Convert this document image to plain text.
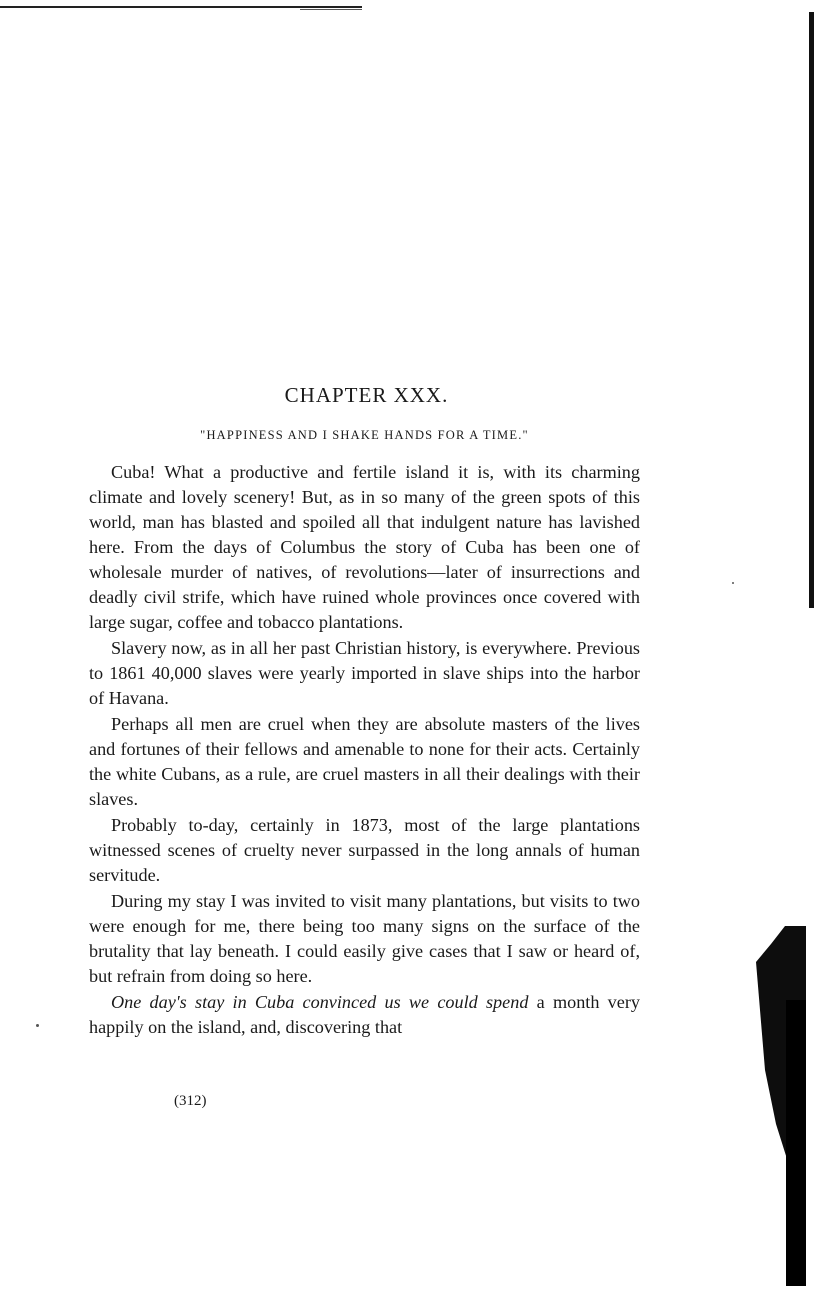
CHAPTER XXX.
"HAPPINESS AND I SHAKE HANDS FOR A TIME."

Cuba! What a productive and fertile island it is, with its charming climate and lovely scenery! But, as in so many of the green spots of this world, man has blasted and spoiled all that indulgent nature has lavished here. From the days of Columbus the story of Cuba has been one of wholesale murder of natives, of revolutions—later of insurrections and deadly civil strife, which have ruined whole provinces once covered with large sugar, coffee and tobacco plantations.

Slavery now, as in all her past Christian history, is everywhere. Previous to 1861 40,000 slaves were yearly imported in slave ships into the harbor of Havana.

Perhaps all men are cruel when they are absolute masters of the lives and fortunes of their fellows and amenable to none for their acts. Certainly the white Cubans, as a rule, are cruel masters in all their dealings with their slaves.

Probably to-day, certainly in 1873, most of the large plantations witnessed scenes of cruelty never surpassed in the long annals of human servitude.

During my stay I was invited to visit many plantations, but visits to two were enough for me, there being too many signs on the surface of the brutality that lay beneath. I could easily give cases that I saw or heard of, but refrain from doing so here.

One day's stay in Cuba convinced us we could spend a month very happily on the island, and, discovering that

(312)
